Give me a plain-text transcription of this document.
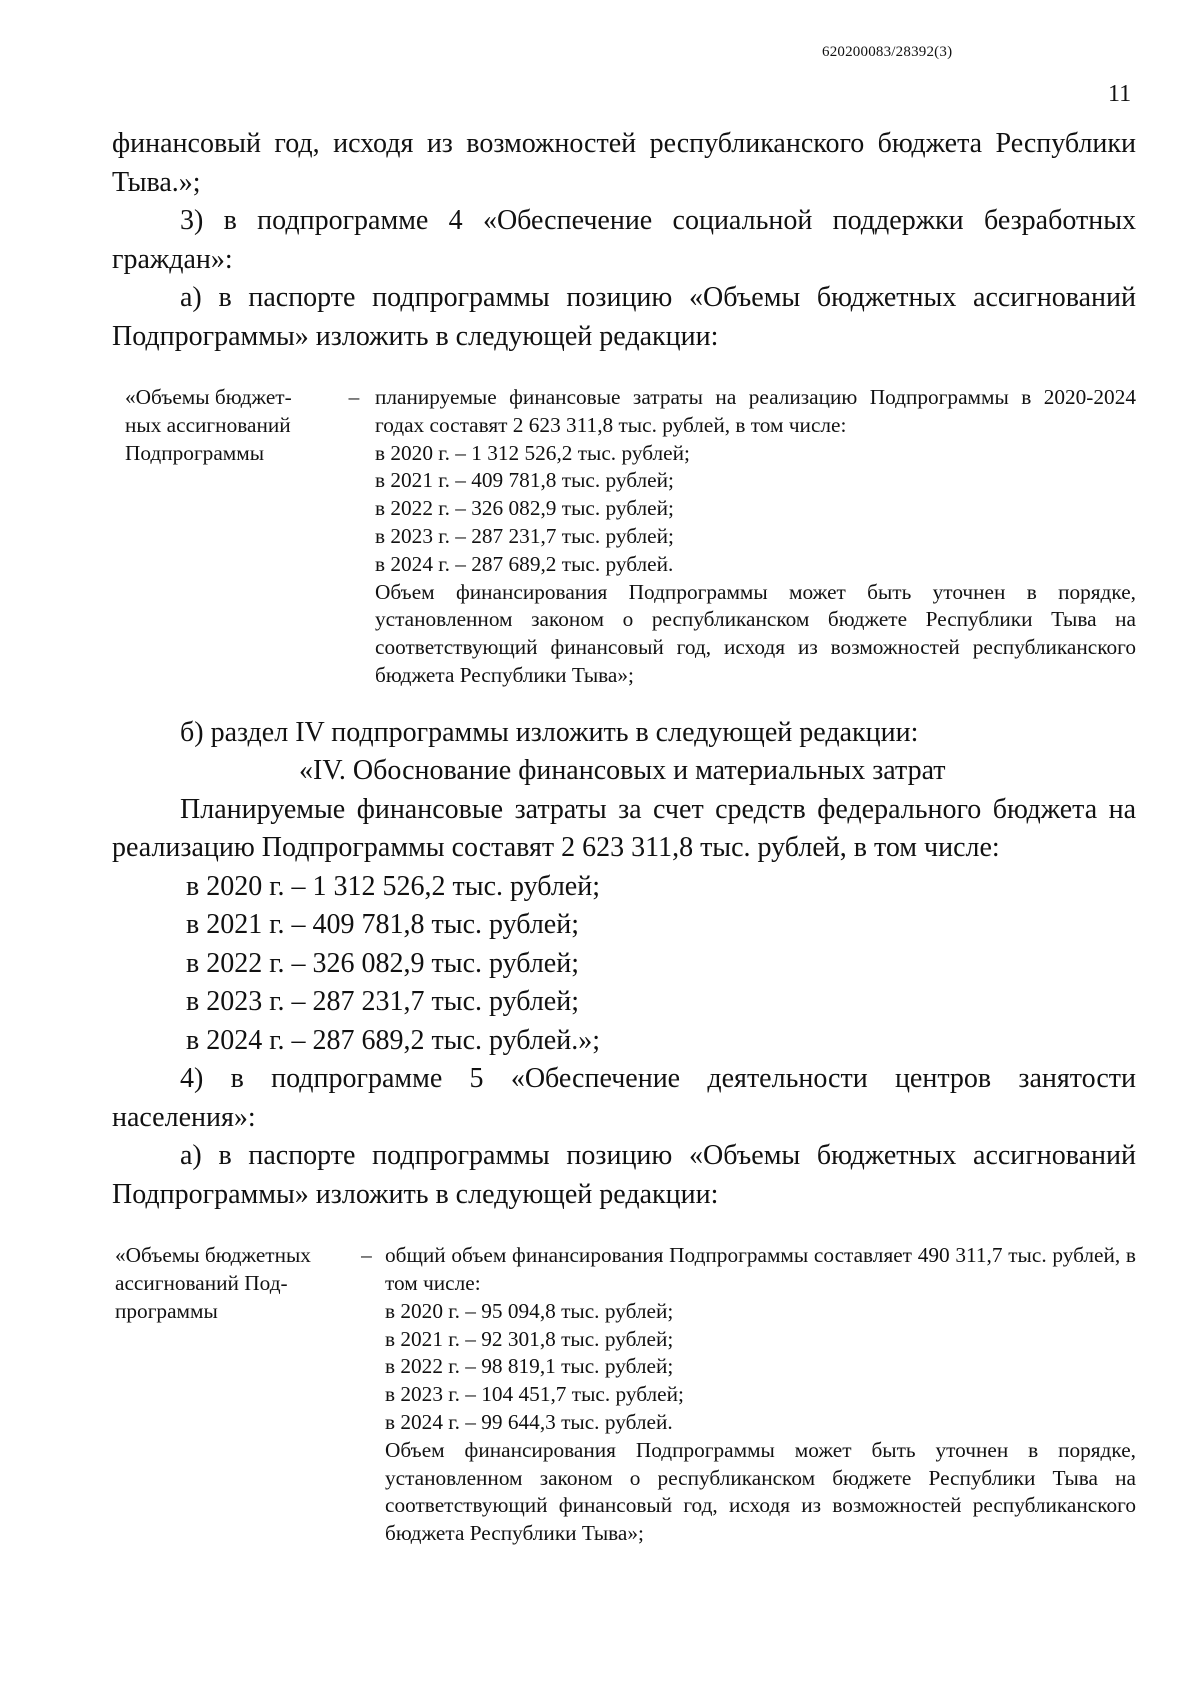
620200083/28392(3)
11

финансовый год, исходя из возможностей республиканского бюджета Республики Тыва.»;

3) в подпрограмме 4 «Обеспечение социальной поддержки безработных граждан»:

а) в паспорте подпрограммы позицию «Объемы бюджетных ассигнований Подпрограммы» изложить в следующей редакции:

«Объемы бюджет-
ных ассигнований
Подпрограммы
– планируемые финансовые затраты на реализацию Подпрограммы в 2020-2024 годах составят 2 623 311,8 тыс. рублей, в том числе:
в 2020 г. – 1 312 526,2 тыс. рублей;
в 2021 г. – 409 781,8 тыс. рублей;
в 2022 г. – 326 082,9 тыс. рублей;
в 2023 г. – 287 231,7 тыс. рублей;
в 2024 г. – 287 689,2 тыс. рублей.
Объем финансирования Подпрограммы может быть уточнен в порядке, установленном законом о республиканском бюджете Республики Тыва на соответствующий финансовый год, исходя из возможностей республиканского бюджета Республики Тыва»;

б) раздел IV подпрограммы изложить в следующей редакции:

«IV. Обоснование финансовых и материальных затрат

Планируемые финансовые затраты за счет средств федерального бюджета на реализацию Подпрограммы составят 2 623 311,8 тыс. рублей, в том числе:

в 2020 г. – 1 312 526,2 тыс. рублей;

в 2021 г. – 409 781,8 тыс. рублей;

в 2022 г. – 326 082,9 тыс. рублей;

в 2023 г. – 287 231,7 тыс. рублей;

в 2024 г. – 287 689,2 тыс. рублей.»;

4) в подпрограмме 5 «Обеспечение деятельности центров занятости населения»:

а) в паспорте подпрограммы позицию «Объемы бюджетных ассигнований Подпрограммы» изложить в следующей редакции:

«Объемы бюджетных
ассигнований Под-
программы
– общий объем финансирования Подпрограммы составляет 490 311,7 тыс. рублей, в том числе:
в 2020 г. – 95 094,8 тыс. рублей;
в 2021 г. – 92 301,8 тыс. рублей;
в 2022 г. – 98 819,1 тыс. рублей;
в 2023 г. – 104 451,7 тыс. рублей;
в 2024 г. – 99 644,3 тыс. рублей.
Объем финансирования Подпрограммы может быть уточнен в порядке, установленном законом о республиканском бюджете Республики Тыва на соответствующий финансовый год, исходя из возможностей республиканского бюджета Республики Тыва»;
